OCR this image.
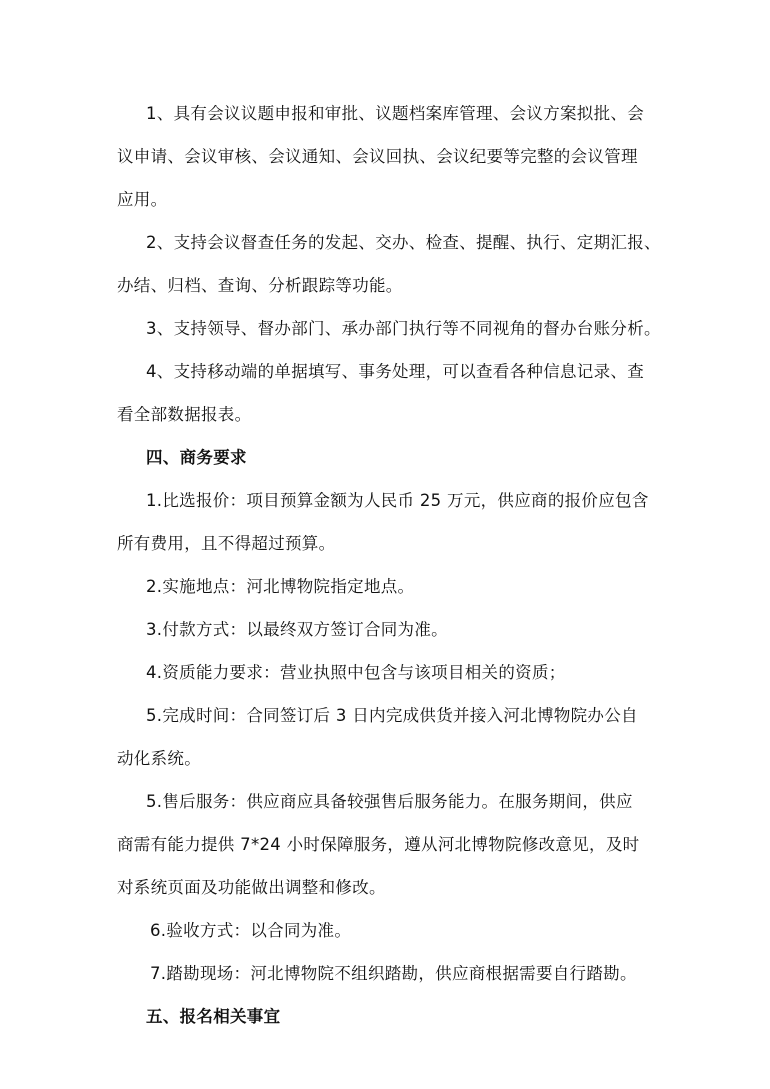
1、具有会议议题申报和审批、议题档案库管理、会议方案拟批、会
议申请、会议审核、会议通知、会议回执、会议纪要等完整的会议管理
应用。
2、支持会议督查任务的发起、交办、检查、提醒、执行、定期汇报、
办结、归档、查询、分析跟踪等功能。
3、支持领导、督办部门、承办部门执行等不同视角的督办台账分析。
4、支持移动端的单据填写、事务处理，可以查看各种信息记录、查
看全部数据报表。
四、商务要求
1.比选报价：项目预算金额为人民币 25 万元，供应商的报价应包含
所有费用，且不得超过预算。
2.实施地点：河北博物院指定地点。
3.付款方式：以最终双方签订合同为准。
4.资质能力要求：营业执照中包含与该项目相关的资质；
5.完成时间：合同签订后 3 日内完成供货并接入河北博物院办公自
动化系统。
5.售后服务：供应商应具备较强售后服务能力。在服务期间，供应
商需有能力提供 7*24 小时保障服务，遵从河北博物院修改意见，及时
对系统页面及功能做出调整和修改。
6.验收方式：以合同为准。
7.踏勘现场：河北博物院不组织踏勘，供应商根据需要自行踏勘。
五、报名相关事宜
